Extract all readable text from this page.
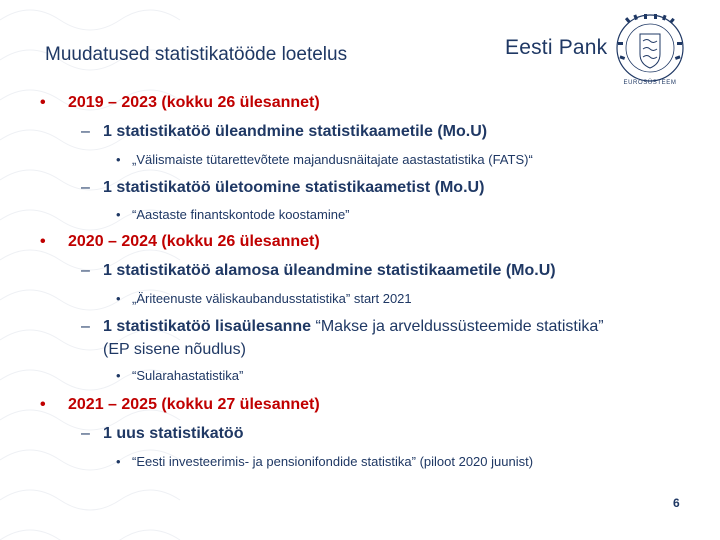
Muudatused statistikatööde loetelus	Eesti Pank
EUROSÜSTEEM
• 2019 – 2023 (kokku 26 ülesannet)
– 1 statistikatöö üleandmine statistikaametile (Mo.U)
• „Välismaiste tütarettevõtete majandusnäitajate aastastatistika (FATS)“
– 1 statistikatöö ületoomine statistikaametist (Mo.U)
• “Aastaste finantskontode koostamine”
• 2020 – 2024 (kokku 26 ülesannet)
– 1 statistikatöö alamosa üleandmine statistikaametile (Mo.U)
• „Äriteenuste väliskaubandusstatistika” start 2021
– 1 statistikatöö lisaülesanne “Makse ja arveldussüsteemide statistika”
(EP sisene nõudlus)
• “Sularahastatistika”
• 2021 – 2025 (kokku 27 ülesannet)
– 1 uus statistikatöö
• “Eesti investeerimis- ja pensionifondide statistika” (piloot 2020 juunist)
6
